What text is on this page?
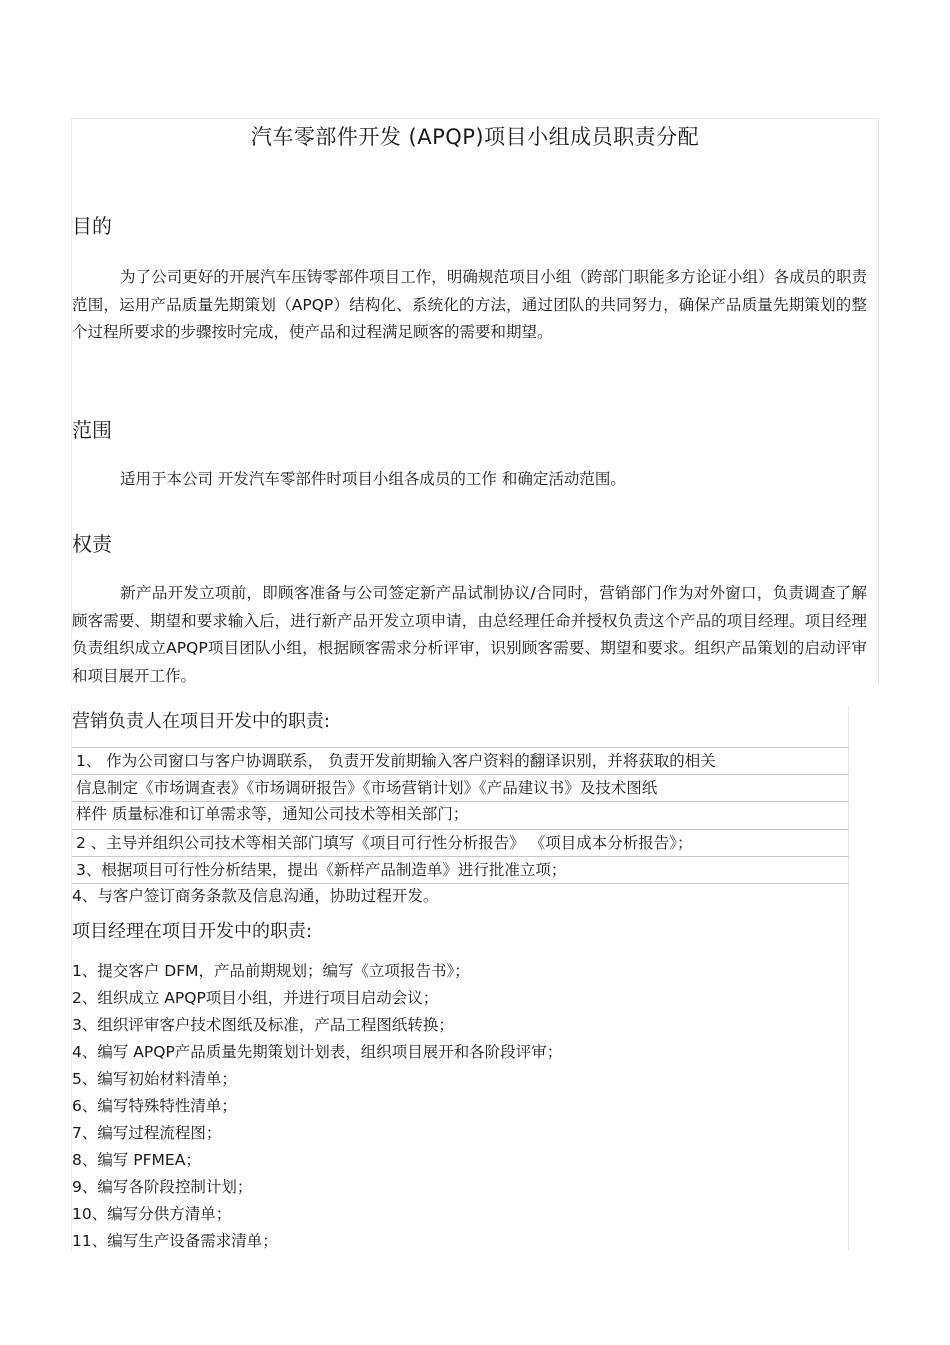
汽车零部件开发 (APQP)项目小组成员职责分配
目的
为了公司更好的开展汽车压铸零部件项目工作，明确规范项目小组（跨部门职能多方论证小组）各成员的职责范围，运用产品质量先期策划（APQP）结构化、系统化的方法，通过团队的共同努力，确保产品质量先期策划的整个过程所要求的步骤按时完成，使产品和过程满足顾客的需要和期望。
范围
适用于本公司 开发汽车零部件时项目小组各成员的工作 和确定活动范围。
权责
新产品开发立项前，即顾客准备与公司签定新产品试制协议/合同时，营销部门作为对外窗口，负责调查了解顾客需要、期望和要求输入后，进行新产品开发立项申请，由总经理任命并授权负责这个产品的项目经理。项目经理负责组织成立APQP项目团队小组，根据顾客需求分析评审，识别顾客需要、期望和要求。组织产品策划的启动评审和项目展开工作。
营销负责人在项目开发中的职责:
1、 作为公司窗口与客户协调联系， 负责开发前期输入客户资料的翻译识别，并将获取的相关
信息制定《市场调查表》《市场调研报告》《市场营销计划》《产品建议书》及技术图纸
样件 质量标准和订单需求等，通知公司技术等相关部门；
2 、主导并组织公司技术等相关部门填写《项目可行性分析报告》 《项目成本分析报告》；
3、根据项目可行性分析结果，提出《新样产品制造单》进行批准立项；
4、与客户签订商务条款及信息沟通，协助过程开发。
项目经理在项目开发中的职责:
1、提交客户 DFM，产品前期规划；编写《立项报告书》；
2、组织成立 APQP项目小组，并进行项目启动会议；
3、组织评审客户技术图纸及标准，产品工程图纸转换；
4、编写 APQP产品质量先期策划计划表，组织项目展开和各阶段评审；
5、编写初始材料清单；
6、编写特殊特性清单；
7、编写过程流程图；
8、编写 PFMEA；
9、编写各阶段控制计划；
10、编写分供方清单；
11、编写生产设备需求清单；
